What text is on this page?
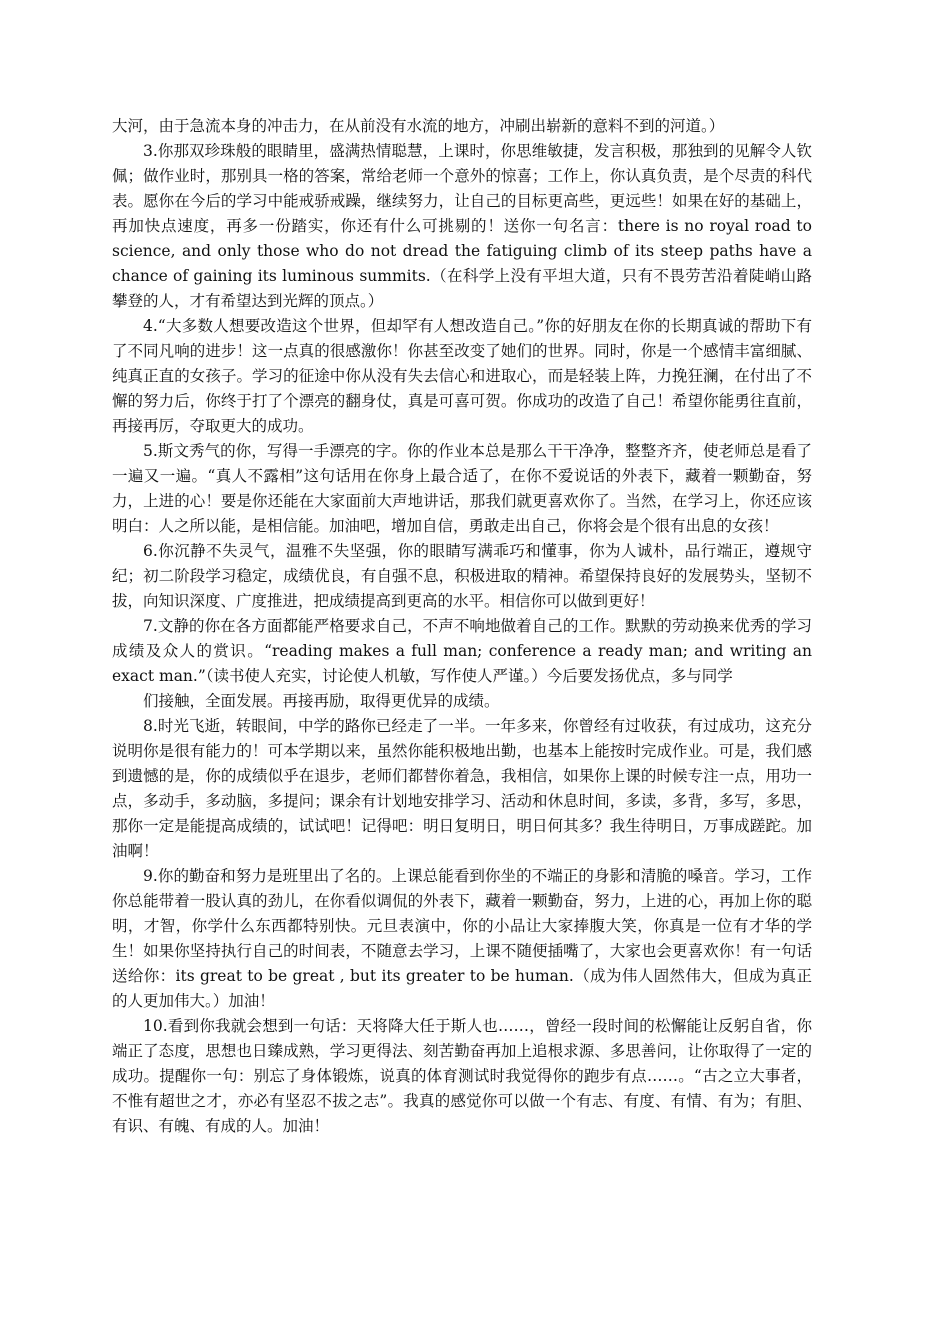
大河，由于急流本身的冲击力，在从前没有水流的地方，冲刷出崭新的意料不到的河道。）

3.你那双珍珠般的眼睛里，盛满热情聪慧，上课时，你思维敏捷，发言积极，那独到的见解令人钦佩；做作业时，那别具一格的答案，常给老师一个意外的惊喜；工作上，你认真负责，是个尽责的科代表。愿你在今后的学习中能戒骄戒躁，继续努力，让自己的目标更高些，更远些！如果在好的基础上，再加快点速度，再多一份踏实，你还有什么可挑剔的！送你一句名言：there is no royal road to science, and only those who do not dread the fatiguing climb of its steep paths have a chance of gaining its luminous summits.（在科学上没有平坦大道，只有不畏劳苦沿着陡峭山路攀登的人，才有希望达到光辉的顶点。）

4.“大多数人想要改造这个世界，但却罕有人想改造自己。”你的好朋友在你的长期真诚的帮助下有了不同凡响的进步！这一点真的很感激你！你甚至改变了她们的世界。同时，你是一个感情丰富细腻、纯真正直的女孩子。学习的征途中你从没有失去信心和进取心，而是轻装上阵，力挽狂澜，在付出了不懈的努力后，你终于打了个漂亮的翻身仗，真是可喜可贺。你成功的改造了自己！希望你能勇往直前，再接再厉，夺取更大的成功。

5.斯文秀气的你，写得一手漂亮的字。你的作业本总是那么干干净净，整整齐齐，使老师总是看了一遍又一遍。“真人不露相”这句话用在你身上最合适了，在你不爱说话的外表下，藏着一颗勤奋，努力，上进的心！要是你还能在大家面前大声地讲话，那我们就更喜欢你了。当然，在学习上，你还应该明白：人之所以能，是相信能。加油吧，增加自信，勇敢走出自己，你将会是个很有出息的女孩！

6.你沉静不失灵气，温雅不失坚强，你的眼睛写满乖巧和懂事，你为人诚朴，品行端正，遵规守纪；初二阶段学习稳定，成绩优良，有自强不息，积极进取的精神。希望保持良好的发展势头，坚韧不拔，向知识深度、广度推进，把成绩提高到更高的水平。相信你可以做到更好！

7.文静的你在各方面都能严格要求自己，不声不响地做着自己的工作。默默的劳动换来优秀的学习成绩及众人的赏识。“reading makes a full man; conference a ready man; and writing an exact man.”（读书使人充实，讨论使人机敏，写作使人严谨。）今后要发扬优点，多与同学

们接触，全面发展。再接再励，取得更优异的成绩。

8.时光飞逝，转眼间，中学的路你已经走了一半。一年多来，你曾经有过收获，有过成功，这充分说明你是很有能力的！可本学期以来，虽然你能积极地出勤，也基本上能按时完成作业。可是，我们感到遗憾的是，你的成绩似乎在退步，老师们都替你着急，我相信，如果你上课的时候专注一点，用功一点，多动手，多动脑，多提问；课余有计划地安排学习、活动和休息时间，多读，多背，多写，多思，那你一定是能提高成绩的，试试吧！记得吧：明日复明日，明日何其多？我生待明日，万事成蹉跎。加油啊！

9.你的勤奋和努力是班里出了名的。上课总能看到你坐的不端正的身影和清脆的嗓音。学习，工作你总能带着一股认真的劲儿，在你看似调侃的外表下，藏着一颗勤奋，努力，上进的心，再加上你的聪明，才智，你学什么东西都特别快。元旦表演中，你的小品让大家捧腹大笑，你真是一位有才华的学生！如果你坚持执行自己的时间表，不随意去学习，上课不随便插嘴了，大家也会更喜欢你！有一句话送给你：its great to be great , but its greater to be human.（成为伟人固然伟大，但成为真正的人更加伟大。）加油！

10.看到你我就会想到一句话：天将降大任于斯人也……，曾经一段时间的松懈能让反躬自省，你端正了态度，思想也日臻成熟，学习更得法、刻苦勤奋再加上追根求源、多思善问，让你取得了一定的成功。提醒你一句：别忘了身体锻炼，说真的体育测试时我觉得你的跑步有点……。“古之立大事者，不惟有超世之才，亦必有坚忍不拔之志”。我真的感觉你可以做一个有志、有度、有情、有为；有胆、有识、有魄、有成的人。加油！
